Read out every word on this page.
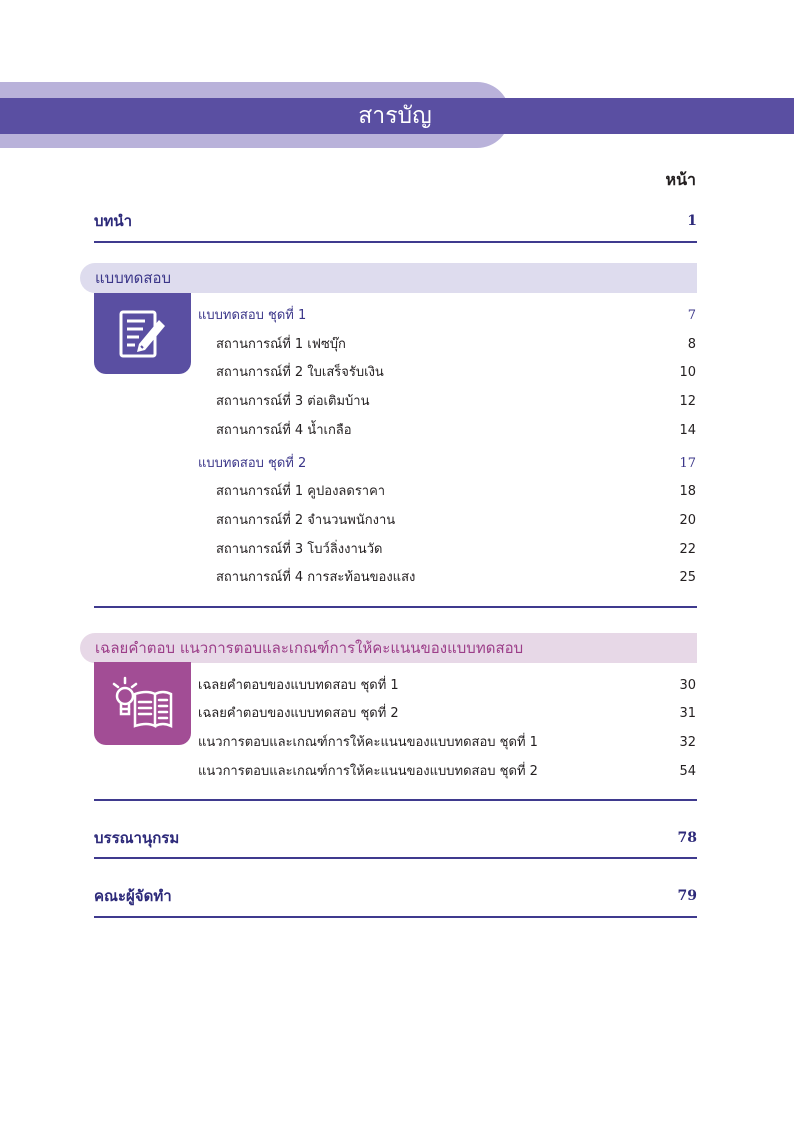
สารบัญ
หน้า
บทนำ	1
แบบทดสอบ
แบบทดสอบ ชุดที่ 1	7
สถานการณ์ที่ 1 เฟซบุ๊ก	8
สถานการณ์ที่ 2 ใบเสร็จรับเงิน	10
สถานการณ์ที่ 3 ต่อเติมบ้าน	12
สถานการณ์ที่ 4 น้ำเกลือ	14
แบบทดสอบ ชุดที่ 2	17
สถานการณ์ที่ 1 คูปองลดราคา	18
สถานการณ์ที่ 2 จำนวนพนักงาน	20
สถานการณ์ที่ 3 โบว์ลิ่งงานวัด	22
สถานการณ์ที่ 4 การสะท้อนของแสง	25
เฉลยคำตอบ แนวการตอบและเกณฑ์การให้คะแนนของแบบทดสอบ
เฉลยคำตอบของแบบทดสอบ ชุดที่ 1	30
เฉลยคำตอบของแบบทดสอบ ชุดที่ 2	31
แนวการตอบและเกณฑ์การให้คะแนนของแบบทดสอบ ชุดที่ 1	32
แนวการตอบและเกณฑ์การให้คะแนนของแบบทดสอบ ชุดที่ 2	54
บรรณานุกรม	78
คณะผู้จัดทำ	79
